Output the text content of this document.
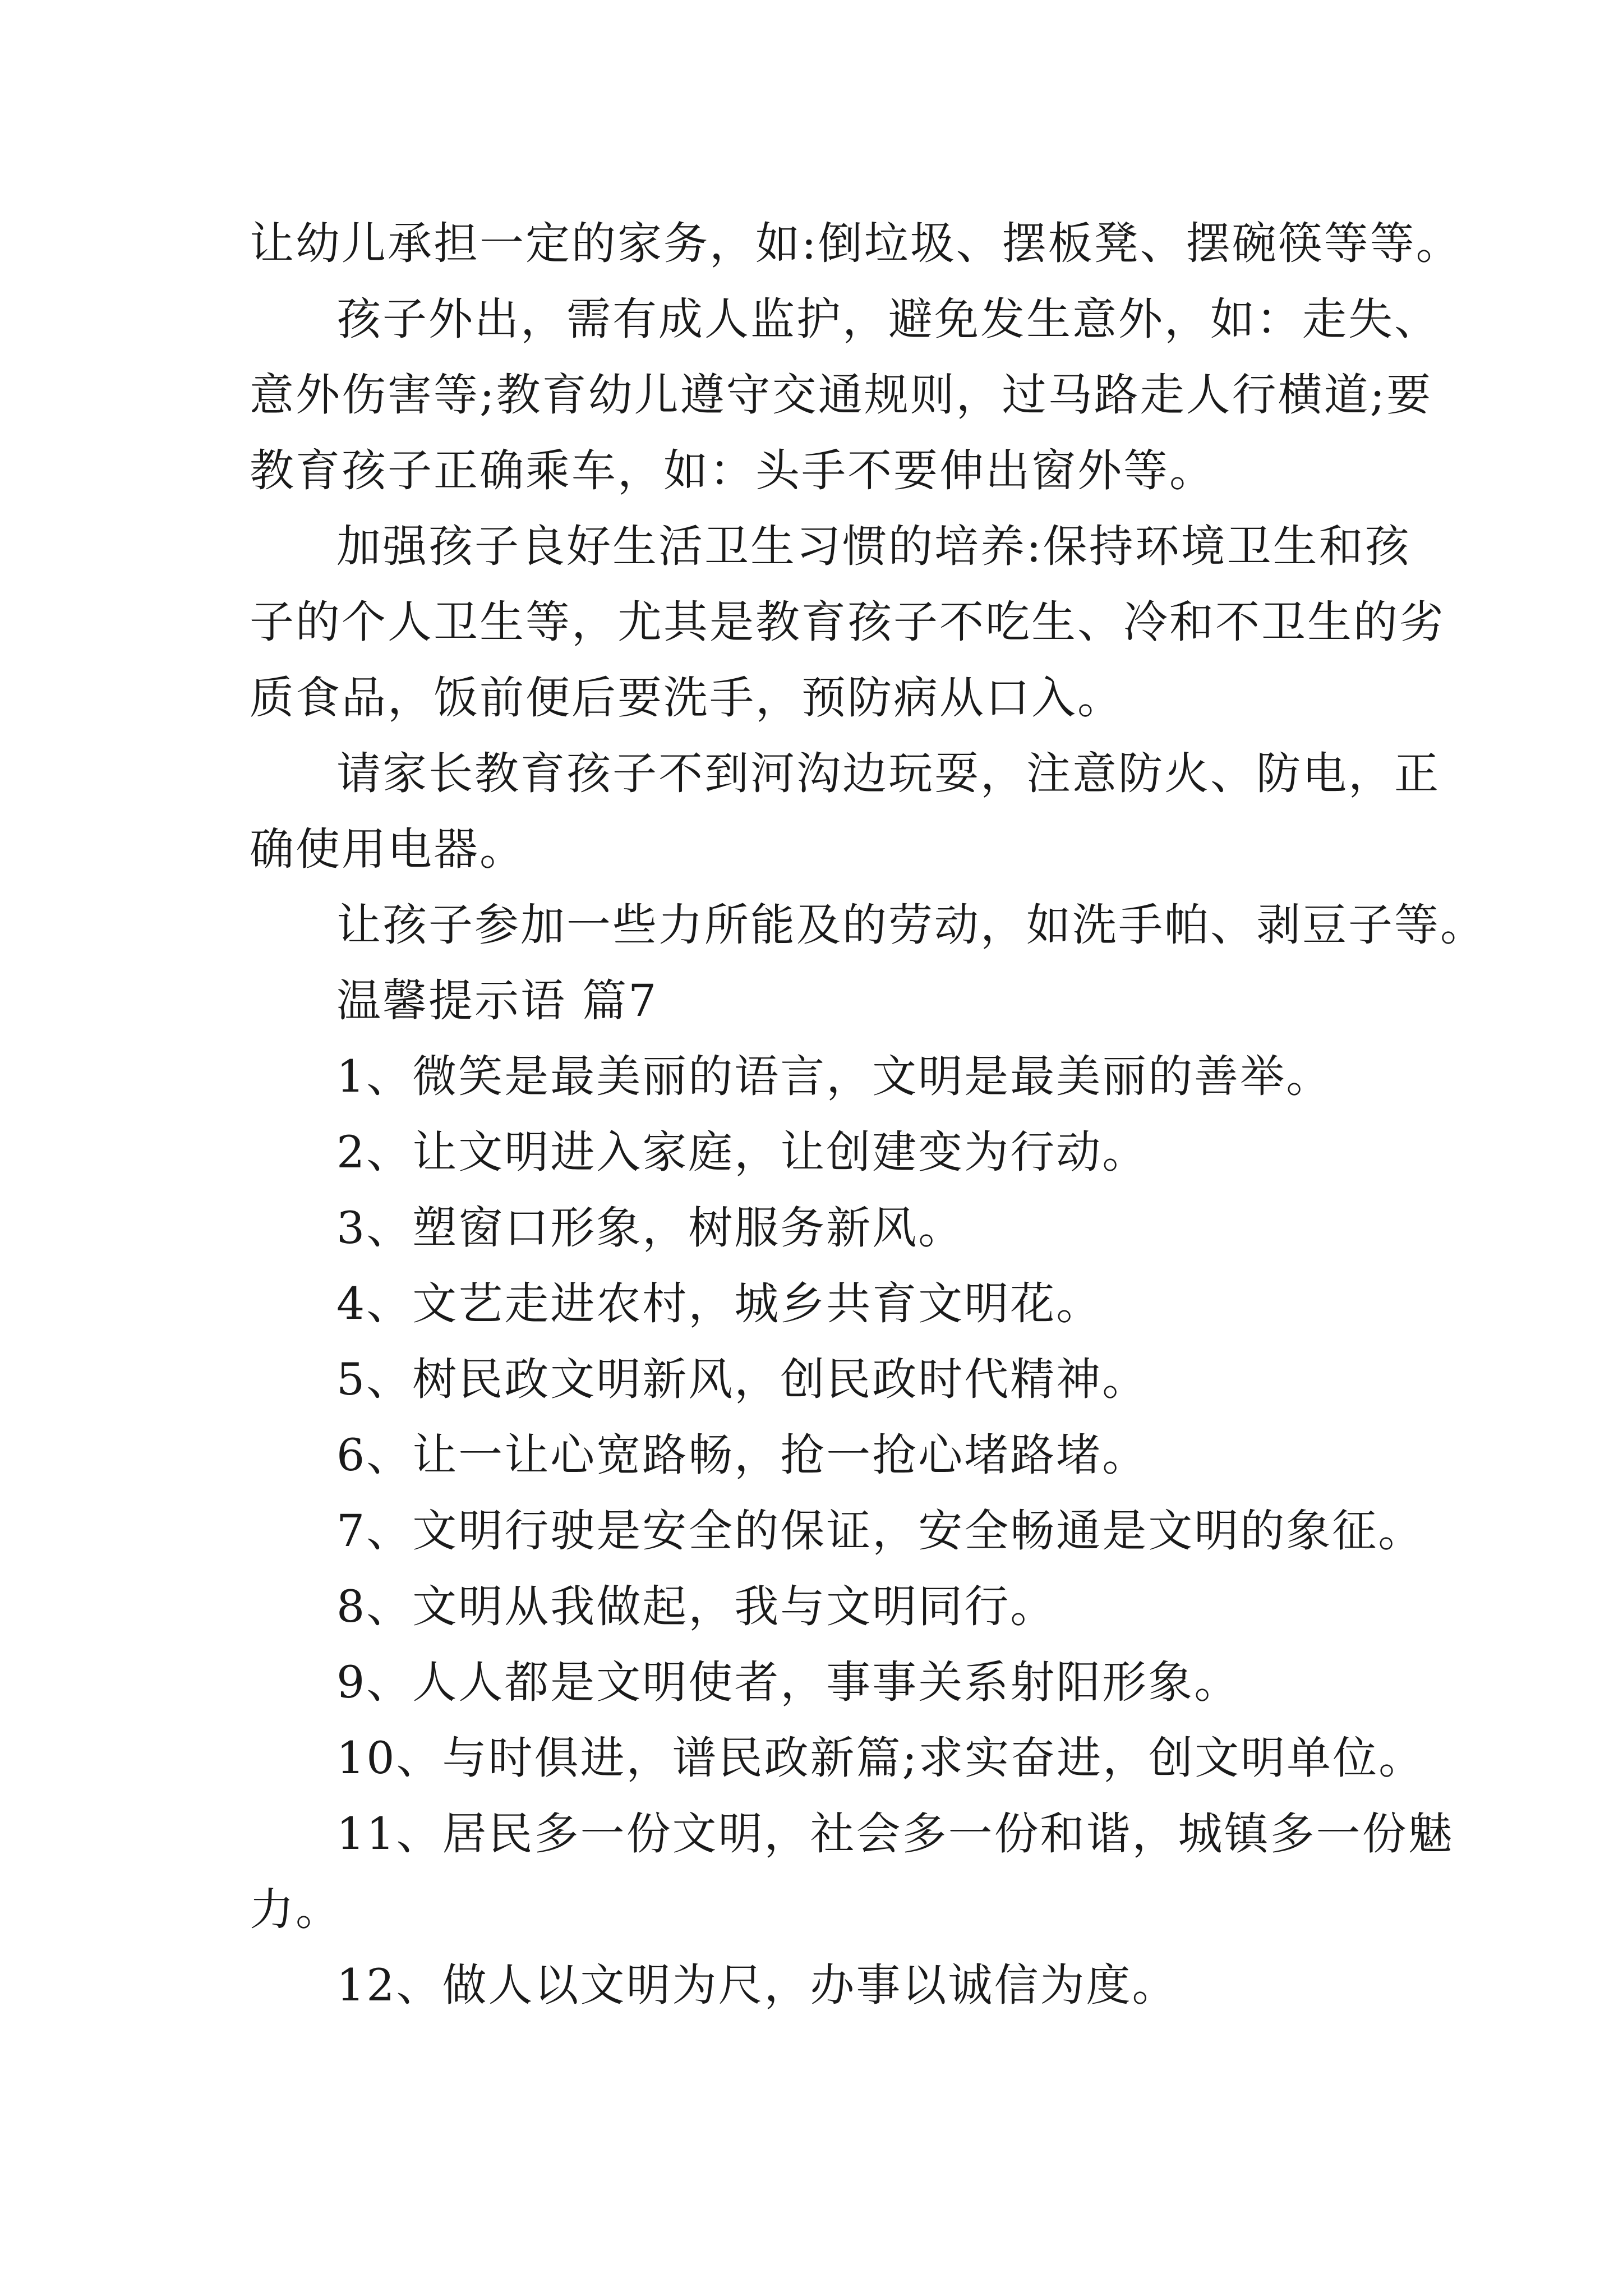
让幼儿承担一定的家务，如:倒垃圾、摆板凳、摆碗筷等等。
孩子外出，需有成人监护，避免发生意外，如：走失、
意外伤害等;教育幼儿遵守交通规则，过马路走人行横道;要
教育孩子正确乘车，如：头手不要伸出窗外等。
加强孩子良好生活卫生习惯的培养:保持环境卫生和孩
子的个人卫生等，尤其是教育孩子不吃生、冷和不卫生的劣
质食品，饭前便后要洗手，预防病从口入。
请家长教育孩子不到河沟边玩耍，注意防火、防电，正
确使用电器。
让孩子参加一些力所能及的劳动，如洗手帕、剥豆子等。
温馨提示语 篇7
1、微笑是最美丽的语言，文明是最美丽的善举。
2、让文明进入家庭，让创建变为行动。
3、塑窗口形象，树服务新风。
4、文艺走进农村，城乡共育文明花。
5、树民政文明新风，创民政时代精神。
6、让一让心宽路畅，抢一抢心堵路堵。
7、文明行驶是安全的保证，安全畅通是文明的象征。
8、文明从我做起，我与文明同行。
9、人人都是文明使者，事事关系射阳形象。
10、与时俱进，谱民政新篇;求实奋进，创文明单位。
11、居民多一份文明，社会多一份和谐，城镇多一份魅
力。
12、做人以文明为尺，办事以诚信为度。
